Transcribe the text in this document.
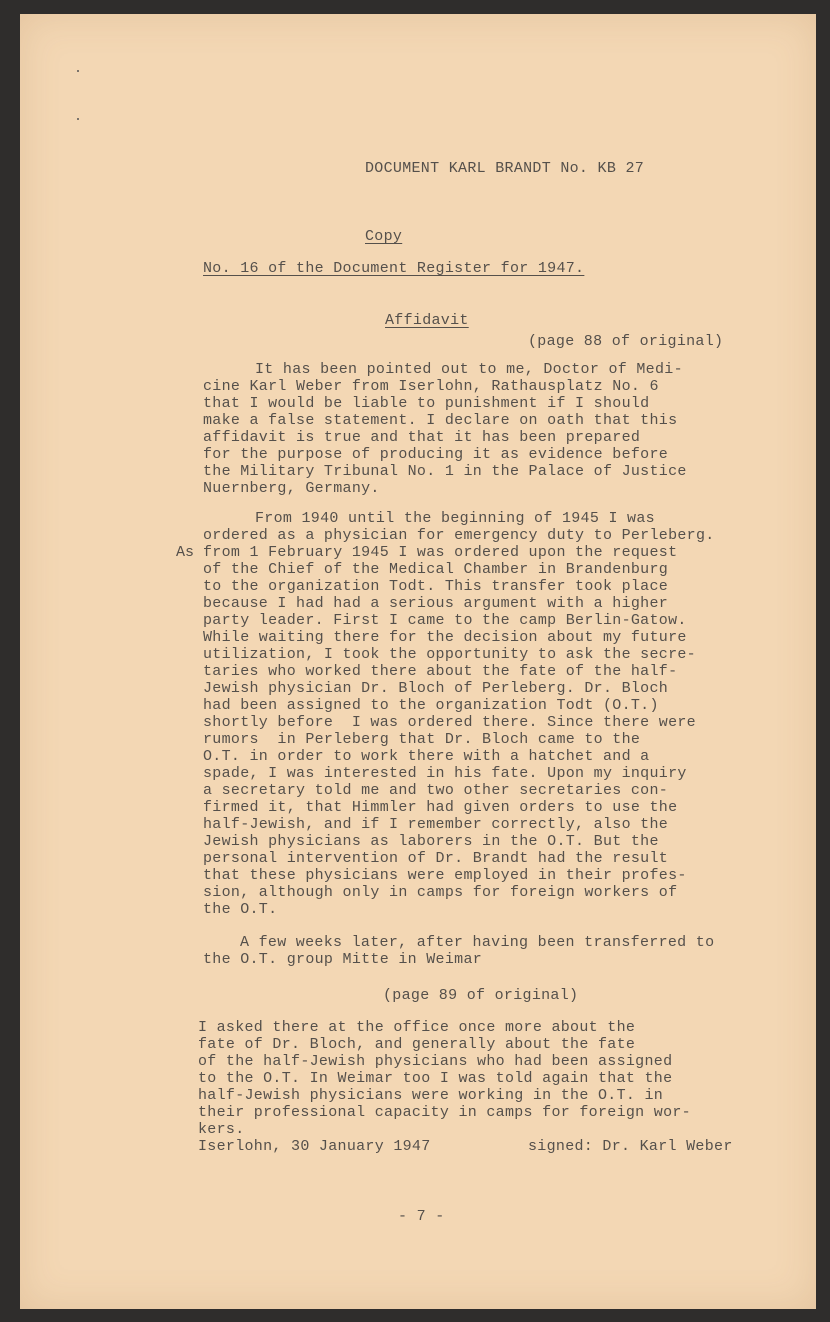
DOCUMENT KARL BRANDT No. KB 27
Copy
No. 16 of the Document Register for 1947.
Affidavit
(page 88 of original)
It has been pointed out to me, Doctor of Medi-
cine Karl Weber from Iserlohn, Rathausplatz No. 6
that I would be liable to punishment if I should
make a false statement. I declare on oath that this
affidavit is true and that it has been prepared
for the purpose of producing it as evidence before
the Military Tribunal No. 1 in the Palace of Justice
Nuernberg, Germany.
As
From 1940 until the beginning of 1945 I was
ordered as a physician for emergency duty to Perleberg.
from 1 February 1945 I was ordered upon the request
of the Chief of the Medical Chamber in Brandenburg
to the organization Todt. This transfer took place
because I had had a serious argument with a higher
party leader. First I came to the camp Berlin-Gatow.
While waiting there for the decision about my future
utilization, I took the opportunity to ask the secre-
taries who worked there about the fate of the half-
Jewish physician Dr. Bloch of Perleberg. Dr. Bloch
had been assigned to the organization Todt (O.T.)
shortly before  I was ordered there. Since there were
rumors  in Perleberg that Dr. Bloch came to the
O.T. in order to work there with a hatchet and a
spade, I was interested in his fate. Upon my inquiry
a secretary told me and two other secretaries con-
firmed it, that Himmler had given orders to use the
half-Jewish, and if I remember correctly, also the
Jewish physicians as laborers in the O.T. But the
personal intervention of Dr. Brandt had the result
that these physicians were employed in their profes-
sion, although only in camps for foreign workers of
the O.T.
A few weeks later, after having been transferred to
the O.T. group Mitte in Weimar
(page 89 of original)
I asked there at the office once more about the
fate of Dr. Bloch, and generally about the fate
of the half-Jewish physicians who had been assigned
to the O.T. In Weimar too I was told again that the
half-Jewish physicians were working in the O.T. in
their professional capacity in camps for foreign wor-
kers.
Iserlohn, 30 January 1947	signed: Dr. Karl Weber
- 7 -
